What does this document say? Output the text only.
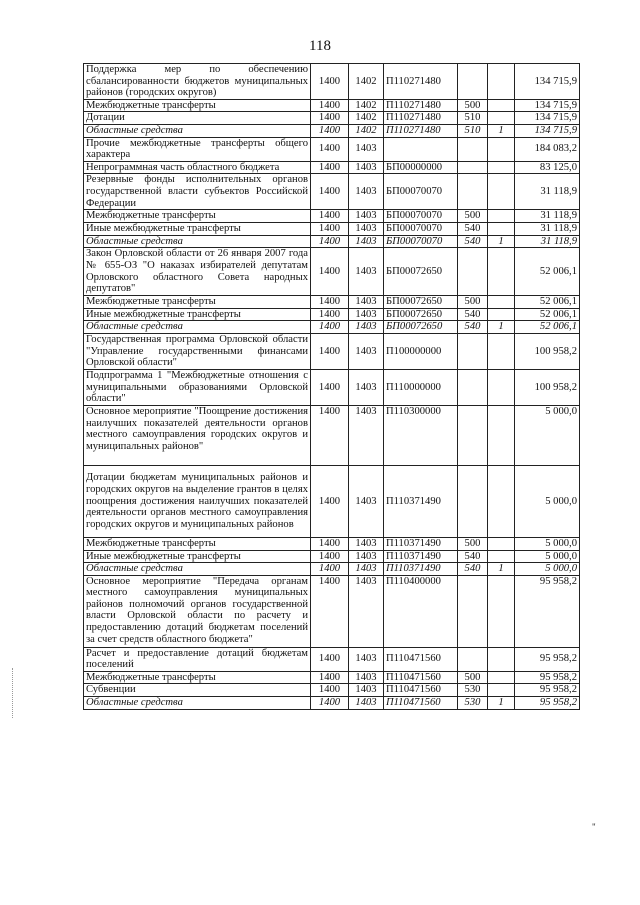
118
Поддержка мер по обеспечению сбалансированности бюджетов муниципальных районов (городских округов)	1400	1402	П110271480			134 715,9
Межбюджетные трансферты	1400	1402	П110271480	500		134 715,9
Дотации	1400	1402	П110271480	510		134 715,9
Областные средства	1400	1402	П110271480	510	1	134 715,9
Прочие межбюджетные трансферты общего характера	1400	1403				184 083,2
Непрограммная часть областного бюджета	1400	1403	БП00000000			83 125,0
Резервные фонды исполнительных органов государственной власти субъектов Российской Федерации	1400	1403	БП00070070			31 118,9
Межбюджетные трансферты	1400	1403	БП00070070	500		31 118,9
Иные межбюджетные трансферты	1400	1403	БП00070070	540		31 118,9
Областные средства	1400	1403	БП00070070	540	1	31 118,9
Закон Орловской области от 26 января 2007 года № 655-ОЗ "О наказах избирателей депутатам Орловского областного Совета народных депутатов"	1400	1403	БП00072650			52 006,1
Межбюджетные трансферты	1400	1403	БП00072650	500		52 006,1
Иные межбюджетные трансферты	1400	1403	БП00072650	540		52 006,1
Областные средства	1400	1403	БП00072650	540	1	52 006,1
Государственная программа Орловской области "Управление государственными финансами Орловской области"	1400	1403	П100000000			100 958,2
Подпрограмма 1 "Межбюджетные отношения с муниципальными образованиями Орловской области"	1400	1403	П110000000			100 958,2
Основное мероприятие "Поощрение достижения наилучших показателей деятельности органов местного самоуправления городских округов и муниципальных районов"	1400	1403	П110300000			5 000,0
Дотации бюджетам муниципальных районов и городских округов на выделение грантов в целях поощрения достижения наилучших показателей деятельности органов местного самоуправления городских округов и муниципальных районов	1400	1403	П110371490			5 000,0
Межбюджетные трансферты	1400	1403	П110371490	500		5 000,0
Иные межбюджетные трансферты	1400	1403	П110371490	540		5 000,0
Областные средства	1400	1403	П110371490	540	1	5 000,0
Основное мероприятие "Передача органам местного самоуправления муниципальных районов полномочий органов государственной власти Орловской области по расчету и предоставлению дотаций бюджетам поселений за счет средств областного бюджета"	1400	1403	П110400000			95 958,2
Расчет и предоставление дотаций бюджетам поселений	1400	1403	П110471560			95 958,2
Межбюджетные трансферты	1400	1403	П110471560	500		95 958,2
Субвенции	1400	1403	П110471560	530		95 958,2
Областные средства	1400	1403	П110471560	530	1	95 958,2
"
